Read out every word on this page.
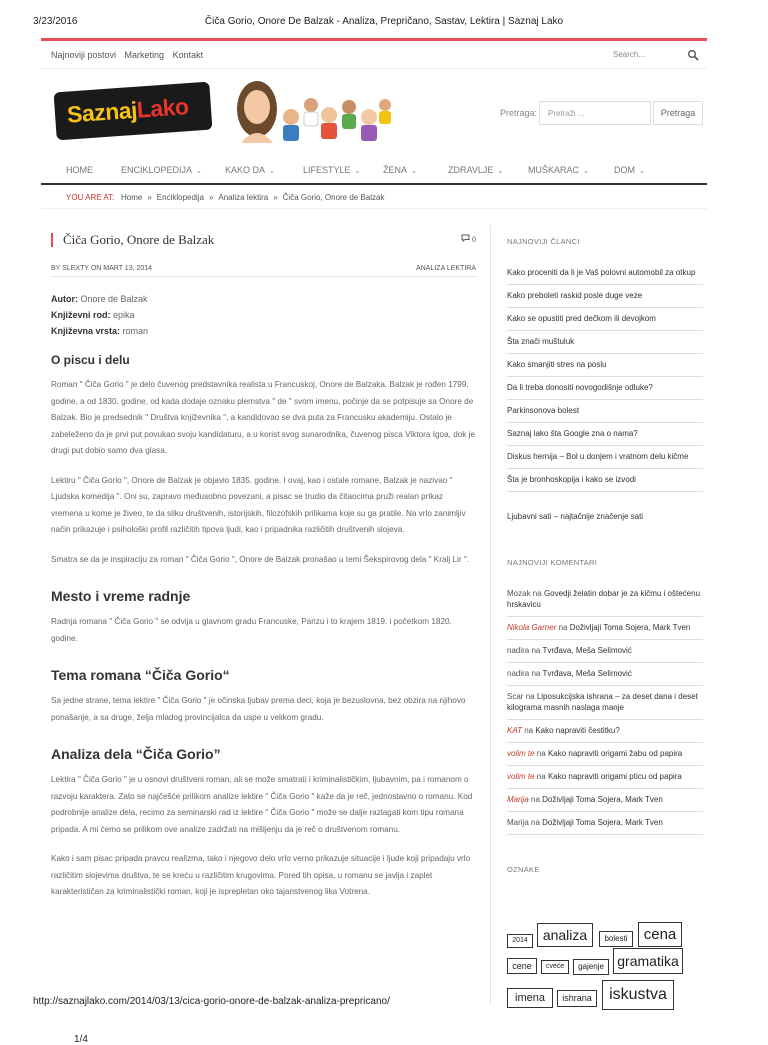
3/23/2016	Čiča Gorio, Onore De Balzak - Analiza, Prepričano, Sastav, Lektira | Saznaj Lako
Najnoviji postovi Marketing Kontakt	Search...
SaznajLako	Pretraga: Pretraži ...	Pretraga
HOME	ENCIKLOPEDIJA ⌄	KAKO DA ⌄	LIFESTYLE ⌄	ŽENA ⌄	ZDRAVLJE ⌄	MUŠKARAC ⌄	DOM ⌄
YOU ARE AT: Home » Enciklopedija » Analiza lektira » Čiča Gorio, Onore de Balzak
Čiča Gorio, Onore de Balzak	0
BY SLEXTY ON MART 13, 2014	ANALIZA LEKTIRA
Autor: Onore de Balzak
Književni rod: epika
Književna vrsta: roman
O piscu i delu

Roman " Čiča Gorio " je delo čuvenog predstavnika realista u Francuskoj, Onore de Balzaka. Balzak je rođen 1799. godine, a od 1830. godine, od kada dodaje oznaku plemstva " de " svom imenu, počinje da se potpisuje sa Onore de Balzak. Bio je predsednik " Društva književnika ", a kandidovao se dva puta za Francusku akademiju. Ostalo je zabeleženo da je prvi put povukao svoju kandidaturu, a u korist svog sunarodnika, čuvenog pisca Viktora Igoa, dok je drugi put dobio samo dva glasa.

Lektiru " Čiča Gorio ", Onore de Balzak je objavio 1835. godine. I ovaj, kao i ostale romane, Balzak je nazivao " Ljudska komedija ". Oni su, zapravo međusobno povezani, a pisac se trudio da čitaocima pruži realan prikaz vremena u kome je živeo, te da sliku društvenih, istorijskih, filozofskih prilikama koje su ga pratile. Na vrlo zanimljiv način prikazuje i psihološki profil različitih tipova ljudi, kao i pripadnika različitih društvenih slojeva.

Smatra se da je inspiraciju za roman " Čiča Gorio ", Onore de Balzak pronašao u temi Šekspirovog dela " Kralj Lir ".

Mesto i vreme radnje

Radnja romana " Čiča Gorio " se odvija u glavnom gradu Francuske, Parizu i to krajem 1819. i početkom 1820. godine.

Tema romana “Čiča Gorio“

Sa jedne strane, tema lektire " Čiča Gorio " je očinska ljubav prema deci, koja je bezuslovna, bez obzira na njihovo ponašanje, a sa druge, želja mladog provincijalca da uspe u velikom gradu.

Analiza dela “Čiča Gorio”

Lektira " Čiča Gorio " je u osnovi društveni roman, ali se može smatrati i kriminalističkim, ljubavnim, pa i romanom o razvoju karaktera. Zato se najčešće prilikom analize lektire " Čiča Gorio " kaže da je reč, jednostavno o romanu. Kod podrobnije analize dela, recimo za seminarski rad iz lektire " Čiča Gorio " može se dalje razlagati kom tipu romana pripada. A mi ćemo se prilikom ove analize zadržati na mišljenju da je reč o društvenom romanu.

Kako i sam pisac pripada pravcu realizma, tako i njegovo delo vrlo verno prikazuje situacije i ljude koji pripadaju vrlo različitim slojevima društva, te se kreću u različitim krugovima. Pored tih opisa, u romanu se javlja i zaplet karakterističan za kriminalistički roman, koji je isprepletan oko tajanstvenog lika Votrena.

NAJNOVIJI ČLANCI
Kako proceniti da li je Vaš polovni automobil za otkup
Kako preboleti raskid posle duge veze
Kako se opustiti pred dečkom ili devojkom
Šta znači muštuluk
Kako smanjiti stres na poslu
Da li treba donositi novogodišnje odluke?
Parkinsonova bolest
Saznaj lako šta Google zna o nama?
Diskus hernija – Bol u donjem i vratnom delu kičme
Šta je bronhoskopija i kako se izvodi
Ljubavni sati – najtačnije značenje sati
NAJNOVIJI KOMENTARI
Mozak na Govedji želatin dobar je za kičmu i oštećenu hrskavicu
Nikola Garner na Doživljaji Toma Sojera, Mark Tven
nadira na Tvrđava, Meša Selimović
nadira na Tvrđava, Meša Selimović
Scar na Liposukcijska ishrana – za deset dana i deset kilograma masnih naslaga manje
KAT na Kako napraviti čestitku?
volim te na Kako napraviti origami žabu od papira
volim te na Kako napraviti origami pticu od papira
Marija na Doživljaji Toma Sojera, Mark Tven
Marija na Doživljaji Toma Sojera, Mark Tven
OZNAKE
2014	analiza	bolesti	cena
cene	cveće	gajenje gramatika
imena	ishrana	iskustva
http://saznajlako.com/2014/03/13/cica-gorio-onore-de-balzak-analiza-prepricano/
1/4
